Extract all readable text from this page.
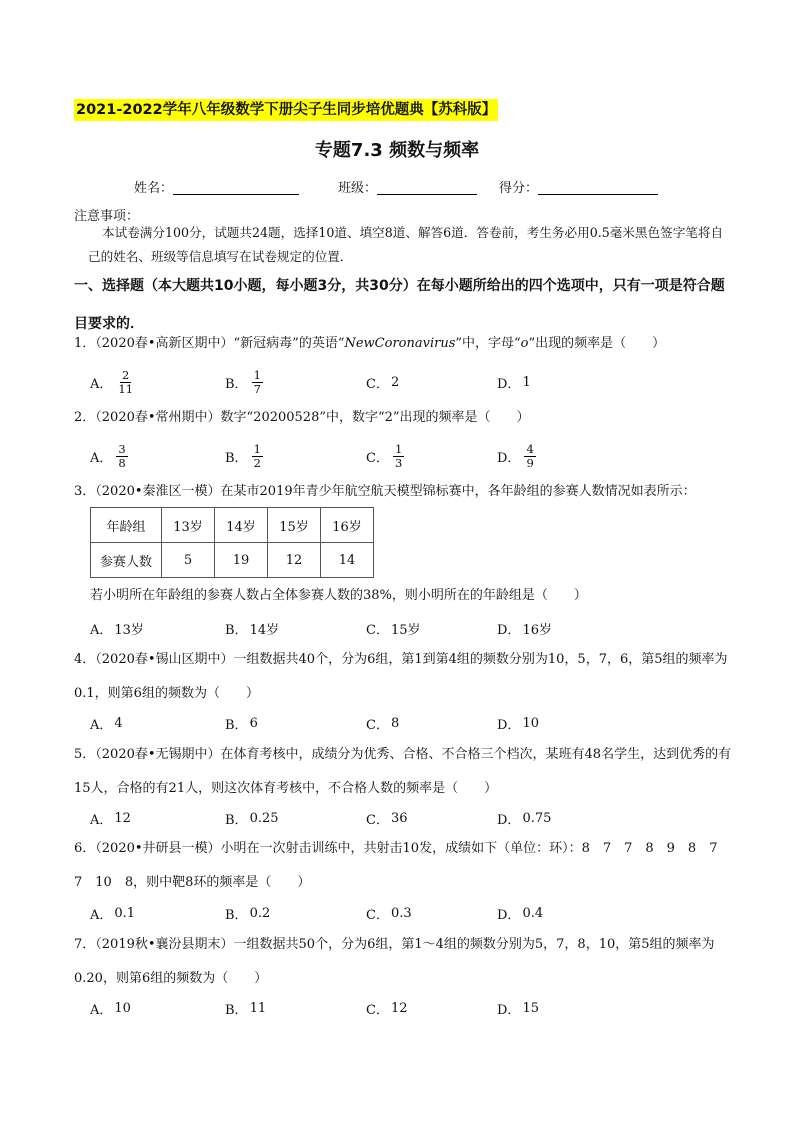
2021-2022学年八年级数学下册尖子生同步培优题典【苏科版】
专题7.3 频数与频率
姓名：	班级：	得分：
注意事项：
本试卷满分100分，试题共24题，选择10道、填空8道、解答6道．答卷前，考生务必用0.5毫米黑色签字笔将自己的姓名、班级等信息填写在试卷规定的位置．
一、选择题（本大题共10小题，每小题3分，共30分）在每小题所给出的四个选项中，只有一项是符合题目要求的．
1．（2020春•高新区期中）“新冠病毒”的英语“NewCoronavirus”中，字母“o”出现的频率是（　　）
A． $\frac{2}{11}$	B． $\frac{1}{7}$	C． 2	D． 1
2．（2020春•常州期中）数字“20200528”中，数字“2”出现的频率是（　　）
A． $\frac{3}{8}$	B． $\frac{1}{2}$	C． $\frac{1}{3}$	D． $\frac{4}{9}$
3．（2020•秦淮区一模）在某市2019年青少年航空航天模型锦标赛中，各年龄组的参赛人数情况如表所示：
年龄组	13岁	14岁	15岁	16岁
参赛人数	5	19	12	14
若小明所在年龄组的参赛人数占全体参赛人数的38%，则小明所在的年龄组是（　　）
A． 13岁	B． 14岁	C． 15岁	D． 16岁
4．（2020春•锡山区期中）一组数据共40个，分为6组，第1到第4组的频数分别为10，5，7，6，第5组的频率为0.1，则第6组的频数为（　　）
A． 4	B． 6	C． 8	D． 10
5．（2020春•无锡期中）在体育考核中，成绩分为优秀、合格、不合格三个档次，某班有48名学生，达到优秀的有15人，合格的有21人，则这次体育考核中，不合格人数的频率是（　　）
A． 12	B． 0.25	C． 36	D． 0.75
6．（2020•井研县一模）小明在一次射击训练中，共射击10发，成绩如下（单位：环）：8　7　7　8　9　8　7　7　10　8，则中靶8环的频率是（　　）
A． 0.1	B． 0.2	C． 0.3	D． 0.4
7．（2019秋•襄汾县期末）一组数据共50个，分为6组，第1～4组的频数分别为5，7，8，10，第5组的频率为0.20，则第6组的频数为（　　）
A． 10	B． 11	C． 12	D． 15
